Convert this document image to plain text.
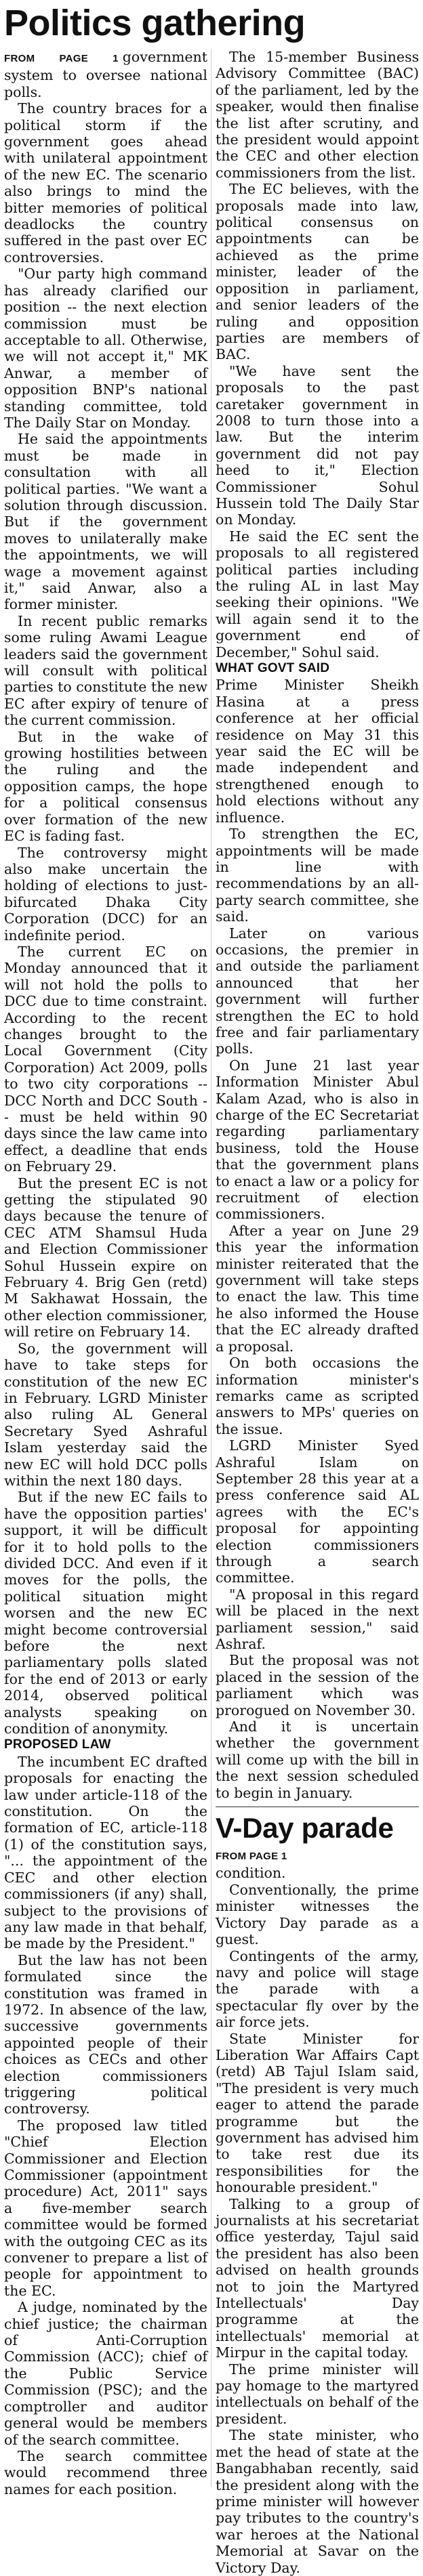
Politics gathering

FROM PAGE 1 government system to oversee national polls.

The country braces for a political storm if the government goes ahead with unilateral appointment of the new EC. The scenario also brings to mind the bitter memories of political deadlocks the country suffered in the past over EC controversies.

"Our party high command has already clarified our position -- the next election commission must be acceptable to all. Otherwise, we will not accept it," MK Anwar, a member of opposition BNP's national standing committee, told The Daily Star on Monday.

He said the appointments must be made in consultation with all political parties. "We want a solution through discussion. But if the government moves to unilaterally make the appointments, we will wage a movement against it," said Anwar, also a former minister.

In recent public remarks some ruling Awami League leaders said the government will consult with political parties to constitute the new EC after expiry of tenure of the current commission.

But in the wake of growing hostilities between the ruling and the opposition camps, the hope for a political consensus over formation of the new EC is fading fast.

The controversy might also make uncertain the holding of elections to just-bifurcated Dhaka City Corporation (DCC) for an indefinite period.

The current EC on Monday announced that it will not hold the polls to DCC due to time constraint. According to the recent changes brought to the Local Government (City Corporation) Act 2009, polls to two city corporations -- DCC North and DCC South -- must be held within 90 days since the law came into effect, a deadline that ends on February 29.

But the present EC is not getting the stipulated 90 days because the tenure of CEC ATM Shamsul Huda and Election Commissioner Sohul Hussein expire on February 4. Brig Gen (retd) M Sakhawat Hossain, the other election commissioner, will retire on February 14.

So, the government will have to take steps for constitution of the new EC in February. LGRD Minister also ruling AL General Secretary Syed Ashraful Islam yesterday said the new EC will hold DCC polls within the next 180 days.

But if the new EC fails to have the opposition parties' support, it will be difficult for it to hold polls to the divided DCC. And even if it moves for the polls, the political situation might worsen and the new EC might become controversial before the next parliamentary polls slated for the end of 2013 or early 2014, observed political analysts speaking on condition of anonymity.

PROPOSED LAW

The incumbent EC drafted proposals for enacting the law under article-118 of the constitution. On the formation of EC, article-118 (1) of the constitution says, "... the appointment of the CEC and other election commissioners (if any) shall, subject to the provisions of any law made in that behalf, be made by the President."

But the law has not been formulated since the constitution was framed in 1972. In absence of the law, successive governments appointed people of their choices as CECs and other election commissioners triggering political controversy.

The proposed law titled "Chief Election Commissioner and Election Commissioner (appointment procedure) Act, 2011" says a five-member search committee would be formed with the outgoing CEC as its convener to prepare a list of people for appointment to the EC.

A judge, nominated by the chief justice; the chairman of Anti-Corruption Commission (ACC); chief of the Public Service Commission (PSC); and the comptroller and auditor general would be members of the search committee.

The search committee would recommend three names for each position.

The 15-member Business Advisory Committee (BAC) of the parliament, led by the speaker, would then finalise the list after scrutiny, and the president would appoint the CEC and other election commissioners from the list.

The EC believes, with the proposals made into law, political consensus on appointments can be achieved as the prime minister, leader of the opposition in parliament, and senior leaders of the ruling and opposition parties are members of BAC.

"We have sent the proposals to the past caretaker government in 2008 to turn those into a law. But the interim government did not pay heed to it," Election Commissioner Sohul Hussein told The Daily Star on Monday.

He said the EC sent the proposals to all registered political parties including the ruling AL in last May seeking their opinions. "We will again send it to the government end of December," Sohul said.

WHAT GOVT SAID

Prime Minister Sheikh Hasina at a press conference at her official residence on May 31 this year said the EC will be made independent and strengthened enough to hold elections without any influence.

To strengthen the EC, appointments will be made in line with recommendations by an all-party search committee, she said.

Later on various occasions, the premier in and outside the parliament announced that her government will further strengthen the EC to hold free and fair parliamentary polls.

On June 21 last year Information Minister Abul Kalam Azad, who is also in charge of the EC Secretariat regarding parliamentary business, told the House that the government plans to enact a law or a policy for recruitment of election commissioners.

After a year on June 29 this year the information minister reiterated that the government will take steps to enact the law. This time he also informed the House that the EC already drafted a proposal.

On both occasions the information minister's remarks came as scripted answers to MPs' queries on the issue.

LGRD Minister Syed Ashraful Islam on September 28 this year at a press conference said AL agrees with the EC's proposal for appointing election commissioners through a search committee.

"A proposal in this regard will be placed in the next parliament session," said Ashraf.

But the proposal was not placed in the session of the parliament which was prorogued on November 30.

And it is uncertain whether the government will come up with the bill in the next session scheduled to begin in January.

V-Day parade

FROM PAGE 1

condition.

Conventionally, the prime minister witnesses the Victory Day parade as a guest.

Contingents of the army, navy and police will stage the parade with a spectacular fly over by the air force jets.

State Minister for Liberation War Affairs Capt (retd) AB Tajul Islam said, "The president is very much eager to attend the parade programme but the government has advised him to take rest due its responsibilities for the honourable president."

Talking to a group of journalists at his secretariat office yesterday, Tajul said the president has also been advised on health grounds not to join the Martyred Intellectuals' Day programme at the intellectuals' memorial at Mirpur in the capital today.

The prime minister will pay homage to the martyred intellectuals on behalf of the president.

The state minister, who met the head of state at the Bangabhaban recently, said the president along with the prime minister will however pay tributes to the country's war heroes at the National Memorial at Savar on the Victory Day.
